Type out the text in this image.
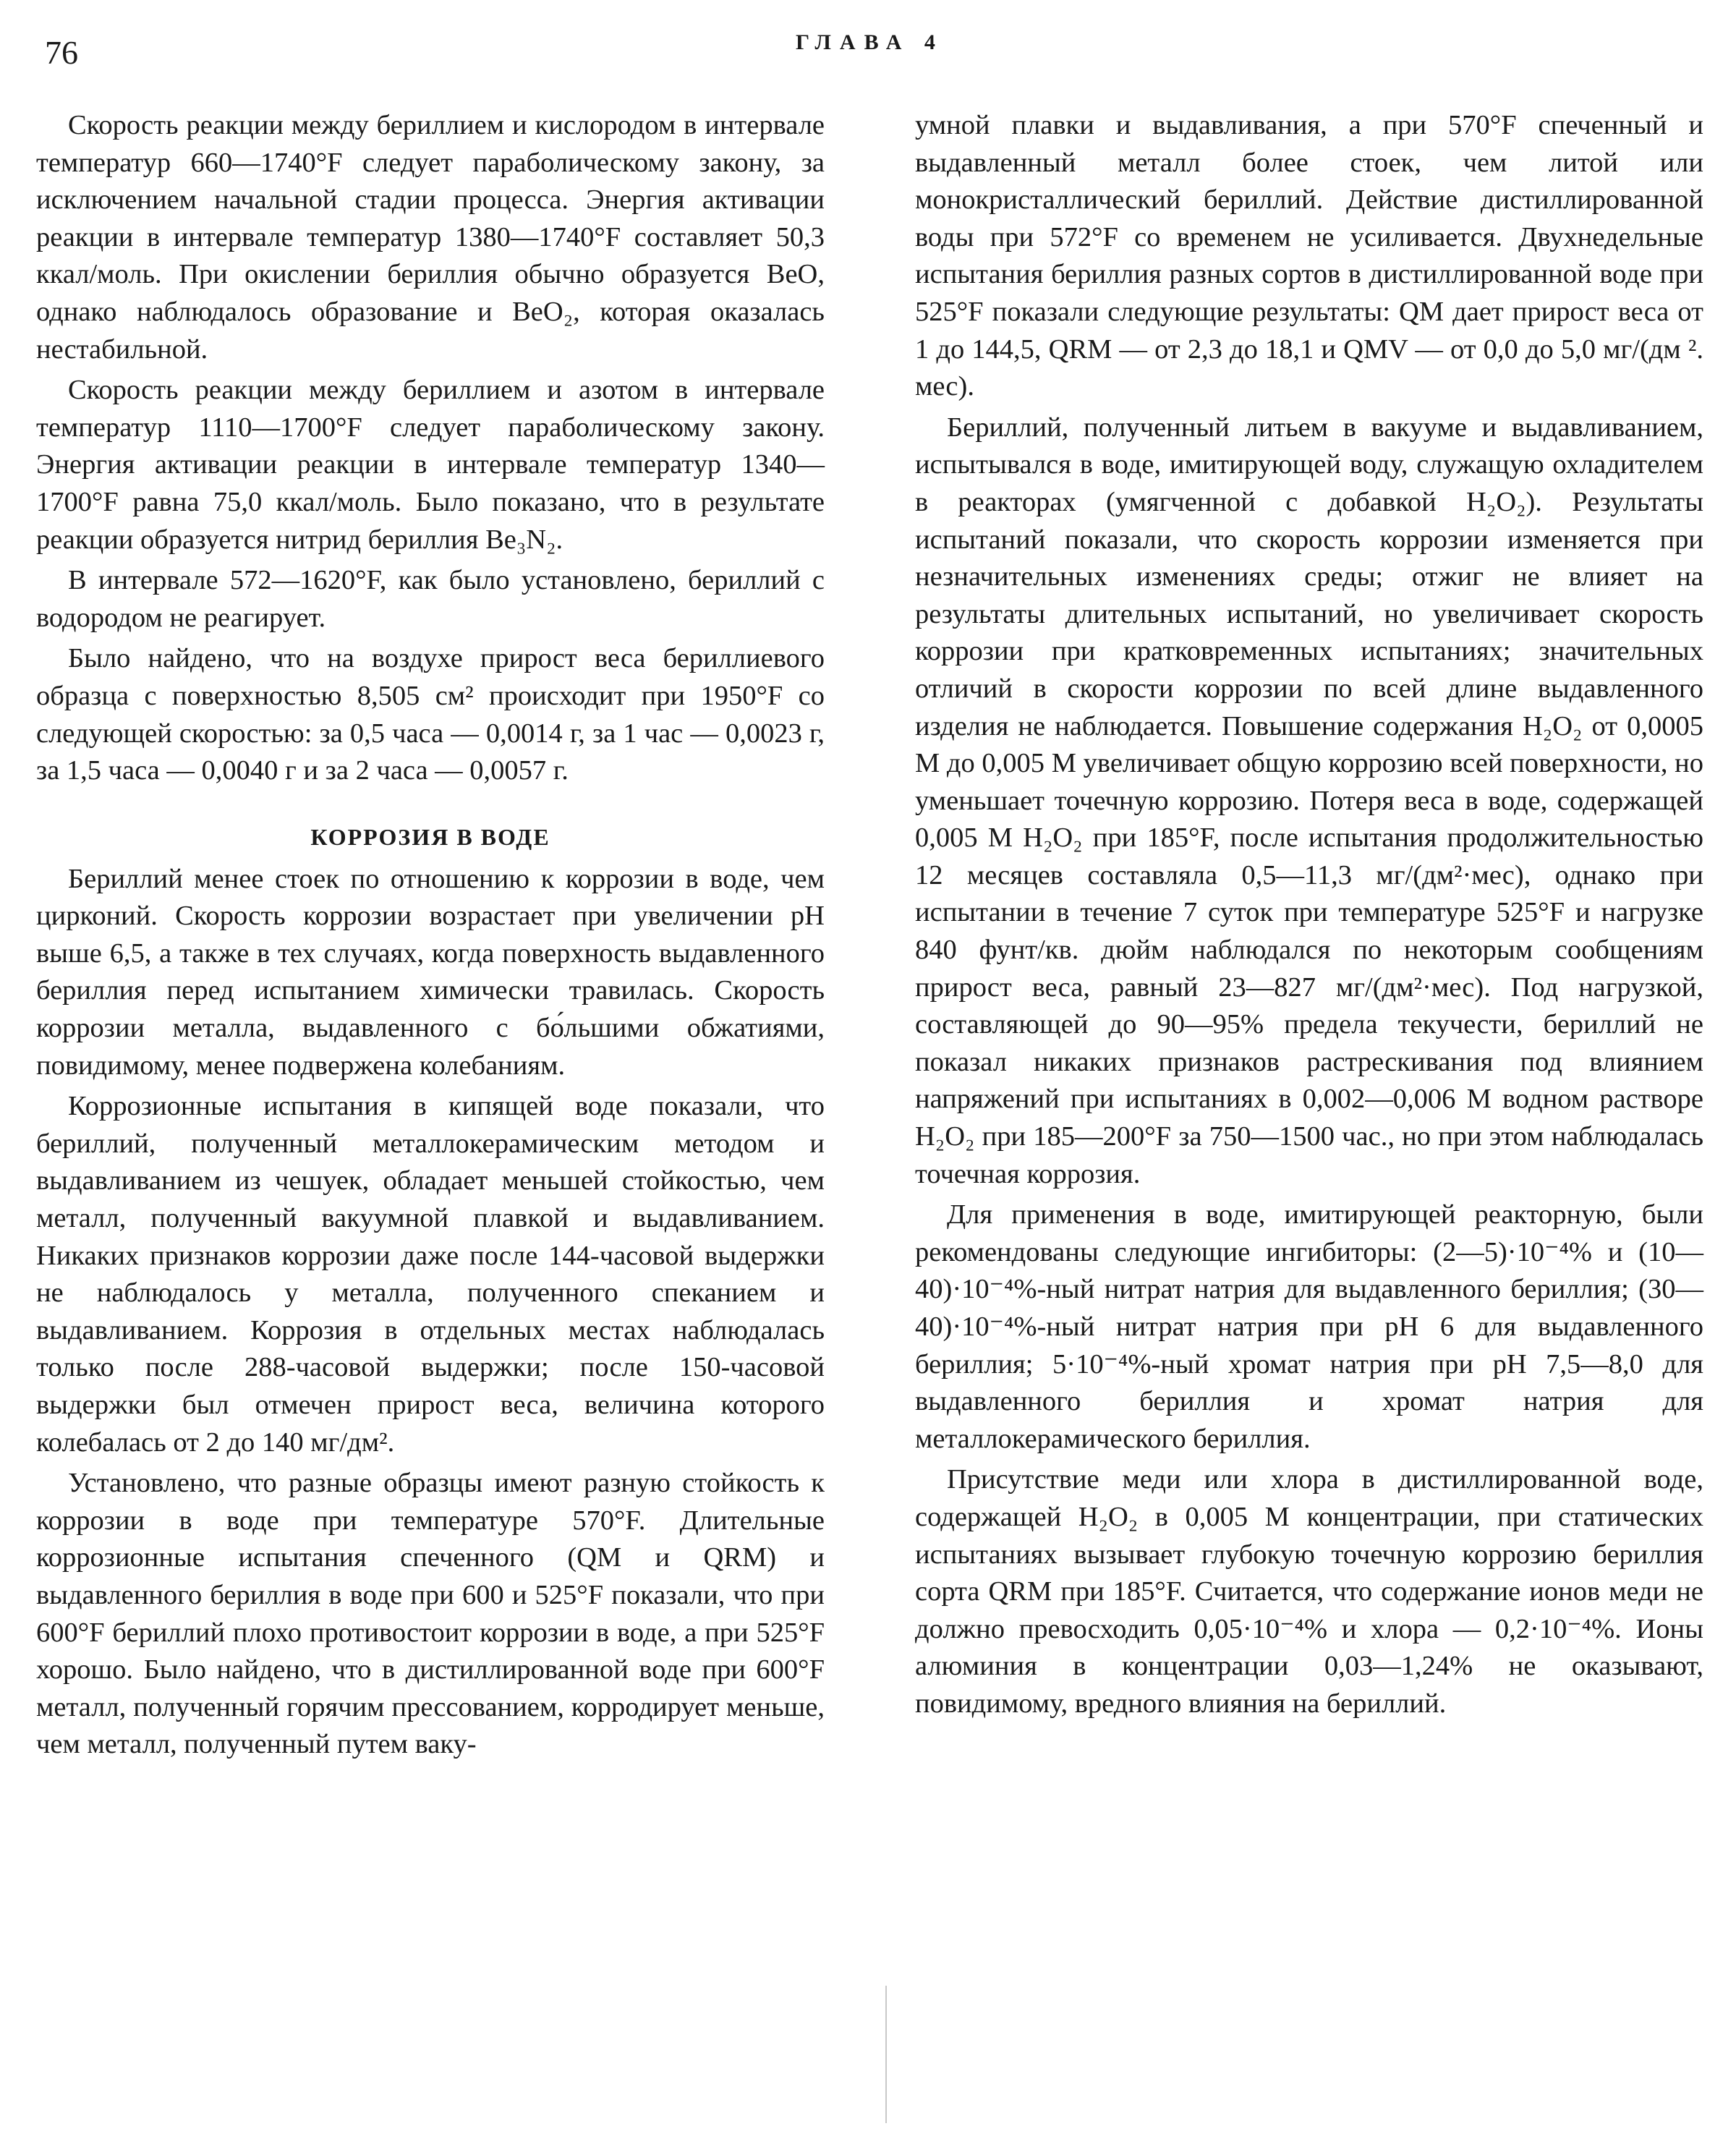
76	ГЛАВА 4

Скорость реакции между бериллием и кислородом в интервале температур 660—1740°F следует параболическому закону, за исключением начальной стадии процесса. Энергия активации реакции в интервале температур 1380—1740°F составляет 50,3 ккал/моль. При окислении бериллия обычно образуется BeO, однако наблюдалось образование и BeO₂, которая оказалась нестабильной.

Скорость реакции между бериллием и азотом в интервале температур 1110—1700°F следует параболическому закону. Энергия активации реакции в интервале температур 1340—1700°F равна 75,0 ккал/моль. Было показано, что в результате реакции образуется нитрид бериллия Be₃N₂.

В интервале 572—1620°F, как было установлено, бериллий с водородом не реагирует.

Было найдено, что на воздухе прирост веса бериллиевого образца с поверхностью 8,505 см² происходит при 1950°F со следующей скоростью: за 0,5 часа — 0,0014 г, за 1 час — 0,0023 г, за 1,5 часа — 0,0040 г и за 2 часа — 0,0057 г.

КОРРОЗИЯ В ВОДЕ

Бериллий менее стоек по отношению к коррозии в воде, чем цирконий. Скорость коррозии возрастает при увеличении pH выше 6,5, а также в тех случаях, когда поверхность выдавленного бериллия перед испытанием химически травилась. Скорость коррозии металла, выдавленного с бо́льшими обжатиями, повидимому, менее подвержена колебаниям.

Коррозионные испытания в кипящей воде показали, что бериллий, полученный металлокерамическим методом и выдавливанием из чешуек, обладает меньшей стойкостью, чем металл, полученный вакуумной плавкой и выдавливанием. Никаких признаков коррозии даже после 144-часовой выдержки не наблюдалось у металла, полученного спеканием и выдавливанием. Коррозия в отдельных местах наблюдалась только после 288-часовой выдержки; после 150-часовой выдержки был отмечен прирост веса, величина которого колебалась от 2 до 140 мг/дм².

Установлено, что разные образцы имеют разную стойкость к коррозии в воде при температуре 570°F. Длительные коррозионные испытания спеченного (QM и QRM) и выдавленного бериллия в воде при 600 и 525°F показали, что при 600°F бериллий плохо противостоит коррозии в воде, а при 525°F хорошо. Было найдено, что в дистиллированной воде при 600°F металл, полученный горячим прессованием, корродирует меньше, чем металл, полученный путем ваку-

умной плавки и выдавливания, а при 570°F спеченный и выдавленный металл более стоек, чем литой или монокристаллический бериллий. Действие дистиллированной воды при 572°F со временем не усиливается. Двухнедельные испытания бериллия разных сортов в дистиллированной воде при 525°F показали следующие результаты: QM дает прирост веса от 1 до 144,5, QRM — от 2,3 до 18,1 и QMV — от 0,0 до 5,0 мг/(дм ². мес).

Бериллий, полученный литьем в вакууме и выдавливанием, испытывался в воде, имитирующей воду, служащую охладителем в реакторах (умягченной с добавкой H₂O₂). Результаты испытаний показали, что скорость коррозии изменяется при незначительных изменениях среды; отжиг не влияет на результаты длительных испытаний, но увеличивает скорость коррозии при кратковременных испытаниях; значительных отличий в скорости коррозии по всей длине выдавленного изделия не наблюдается. Повышение содержания H₂O₂ от 0,0005 М до 0,005 М увеличивает общую коррозию всей поверхности, но уменьшает точечную коррозию. Потеря веса в воде, содержащей 0,005 М H₂O₂ при 185°F, после испытания продолжительностью 12 месяцев составляла 0,5—11,3 мг/(дм²·мес), однако при испытании в течение 7 суток при температуре 525°F и нагрузке 840 фунт/кв. дюйм наблюдался по некоторым сообщениям прирост веса, равный 23—827 мг/(дм²·мес). Под нагрузкой, составляющей до 90—95% предела текучести, бериллий не показал никаких признаков растрескивания под влиянием напряжений при испытаниях в 0,002—0,006 М водном растворе H₂O₂ при 185—200°F за 750—1500 час., но при этом наблюдалась точечная коррозия.

Для применения в воде, имитирующей реакторную, были рекомендованы следующие ингибиторы: (2—5)·10⁻⁴% и (10—40)·10⁻⁴%-ный нитрат натрия для выдавленного бериллия; (30—40)·10⁻⁴%-ный нитрат натрия при pH 6 для выдавленного бериллия; 5·10⁻⁴%-ный хромат натрия при pH 7,5—8,0 для выдавленного бериллия и хромат натрия для металлокерамического бериллия.

Присутствие меди или хлора в дистиллированной воде, содержащей H₂O₂ в 0,005 М концентрации, при статических испытаниях вызывает глубокую точечную коррозию бериллия сорта QRM при 185°F. Считается, что содержание ионов меди не должно превосходить 0,05·10⁻⁴% и хлора — 0,2·10⁻⁴%. Ионы алюминия в концентрации 0,03—1,24% не оказывают, повидимому, вредного влияния на бериллий.
